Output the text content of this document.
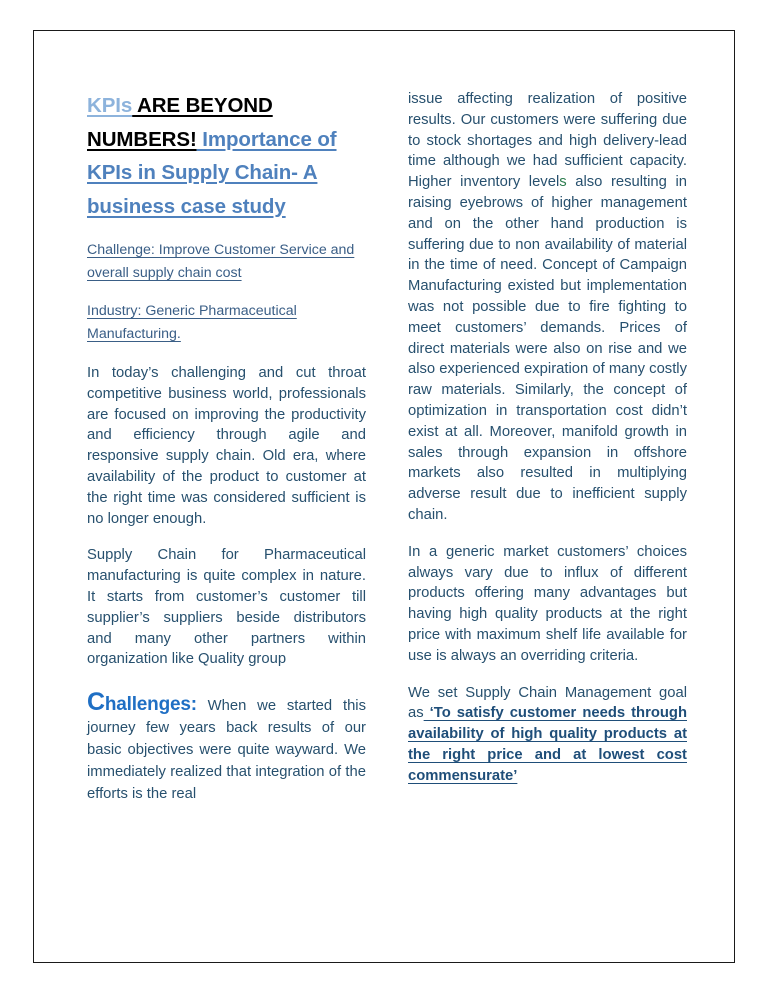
KPIs ARE BEYOND NUMBERS! Importance of KPIs in Supply Chain- A business case study

Challenge: Improve Customer Service and overall supply chain cost

Industry: Generic Pharmaceutical Manufacturing.

In today’s challenging and cut throat competitive business world, professionals are focused on improving the productivity and efficiency through agile and responsive supply chain. Old era, where availability of the product to customer at the right time was considered sufficient is no longer enough.

Supply Chain for Pharmaceutical manufacturing is quite complex in nature. It starts from customer’s customer till supplier’s suppliers beside distributors and many other partners within organization like Quality group

Challenges: When we started this journey few years back results of our basic objectives were quite wayward. We immediately realized that integration of the efforts is the real

issue affecting realization of positive results. Our customers were suffering due to stock shortages and high delivery-lead time although we had sufficient capacity. Higher inventory levels also resulting in raising eyebrows of higher management and on the other hand production is suffering due to non availability of material in the time of need. Concept of Campaign Manufacturing existed but implementation was not possible due to fire fighting to meet customers’ demands. Prices of direct materials were also on rise and we also experienced expiration of many costly raw materials. Similarly, the concept of optimization in transportation cost didn’t exist at all. Moreover, manifold growth in sales through expansion in offshore markets also resulted in multiplying adverse result due to inefficient supply chain.

In a generic market customers’ choices always vary due to influx of different products offering many advantages but having high quality products at the right price with maximum shelf life available for use is always an overriding criteria.

We set Supply Chain Management goal as ‘To satisfy customer needs through availability of high quality products at the right price and at lowest cost commensurate’
